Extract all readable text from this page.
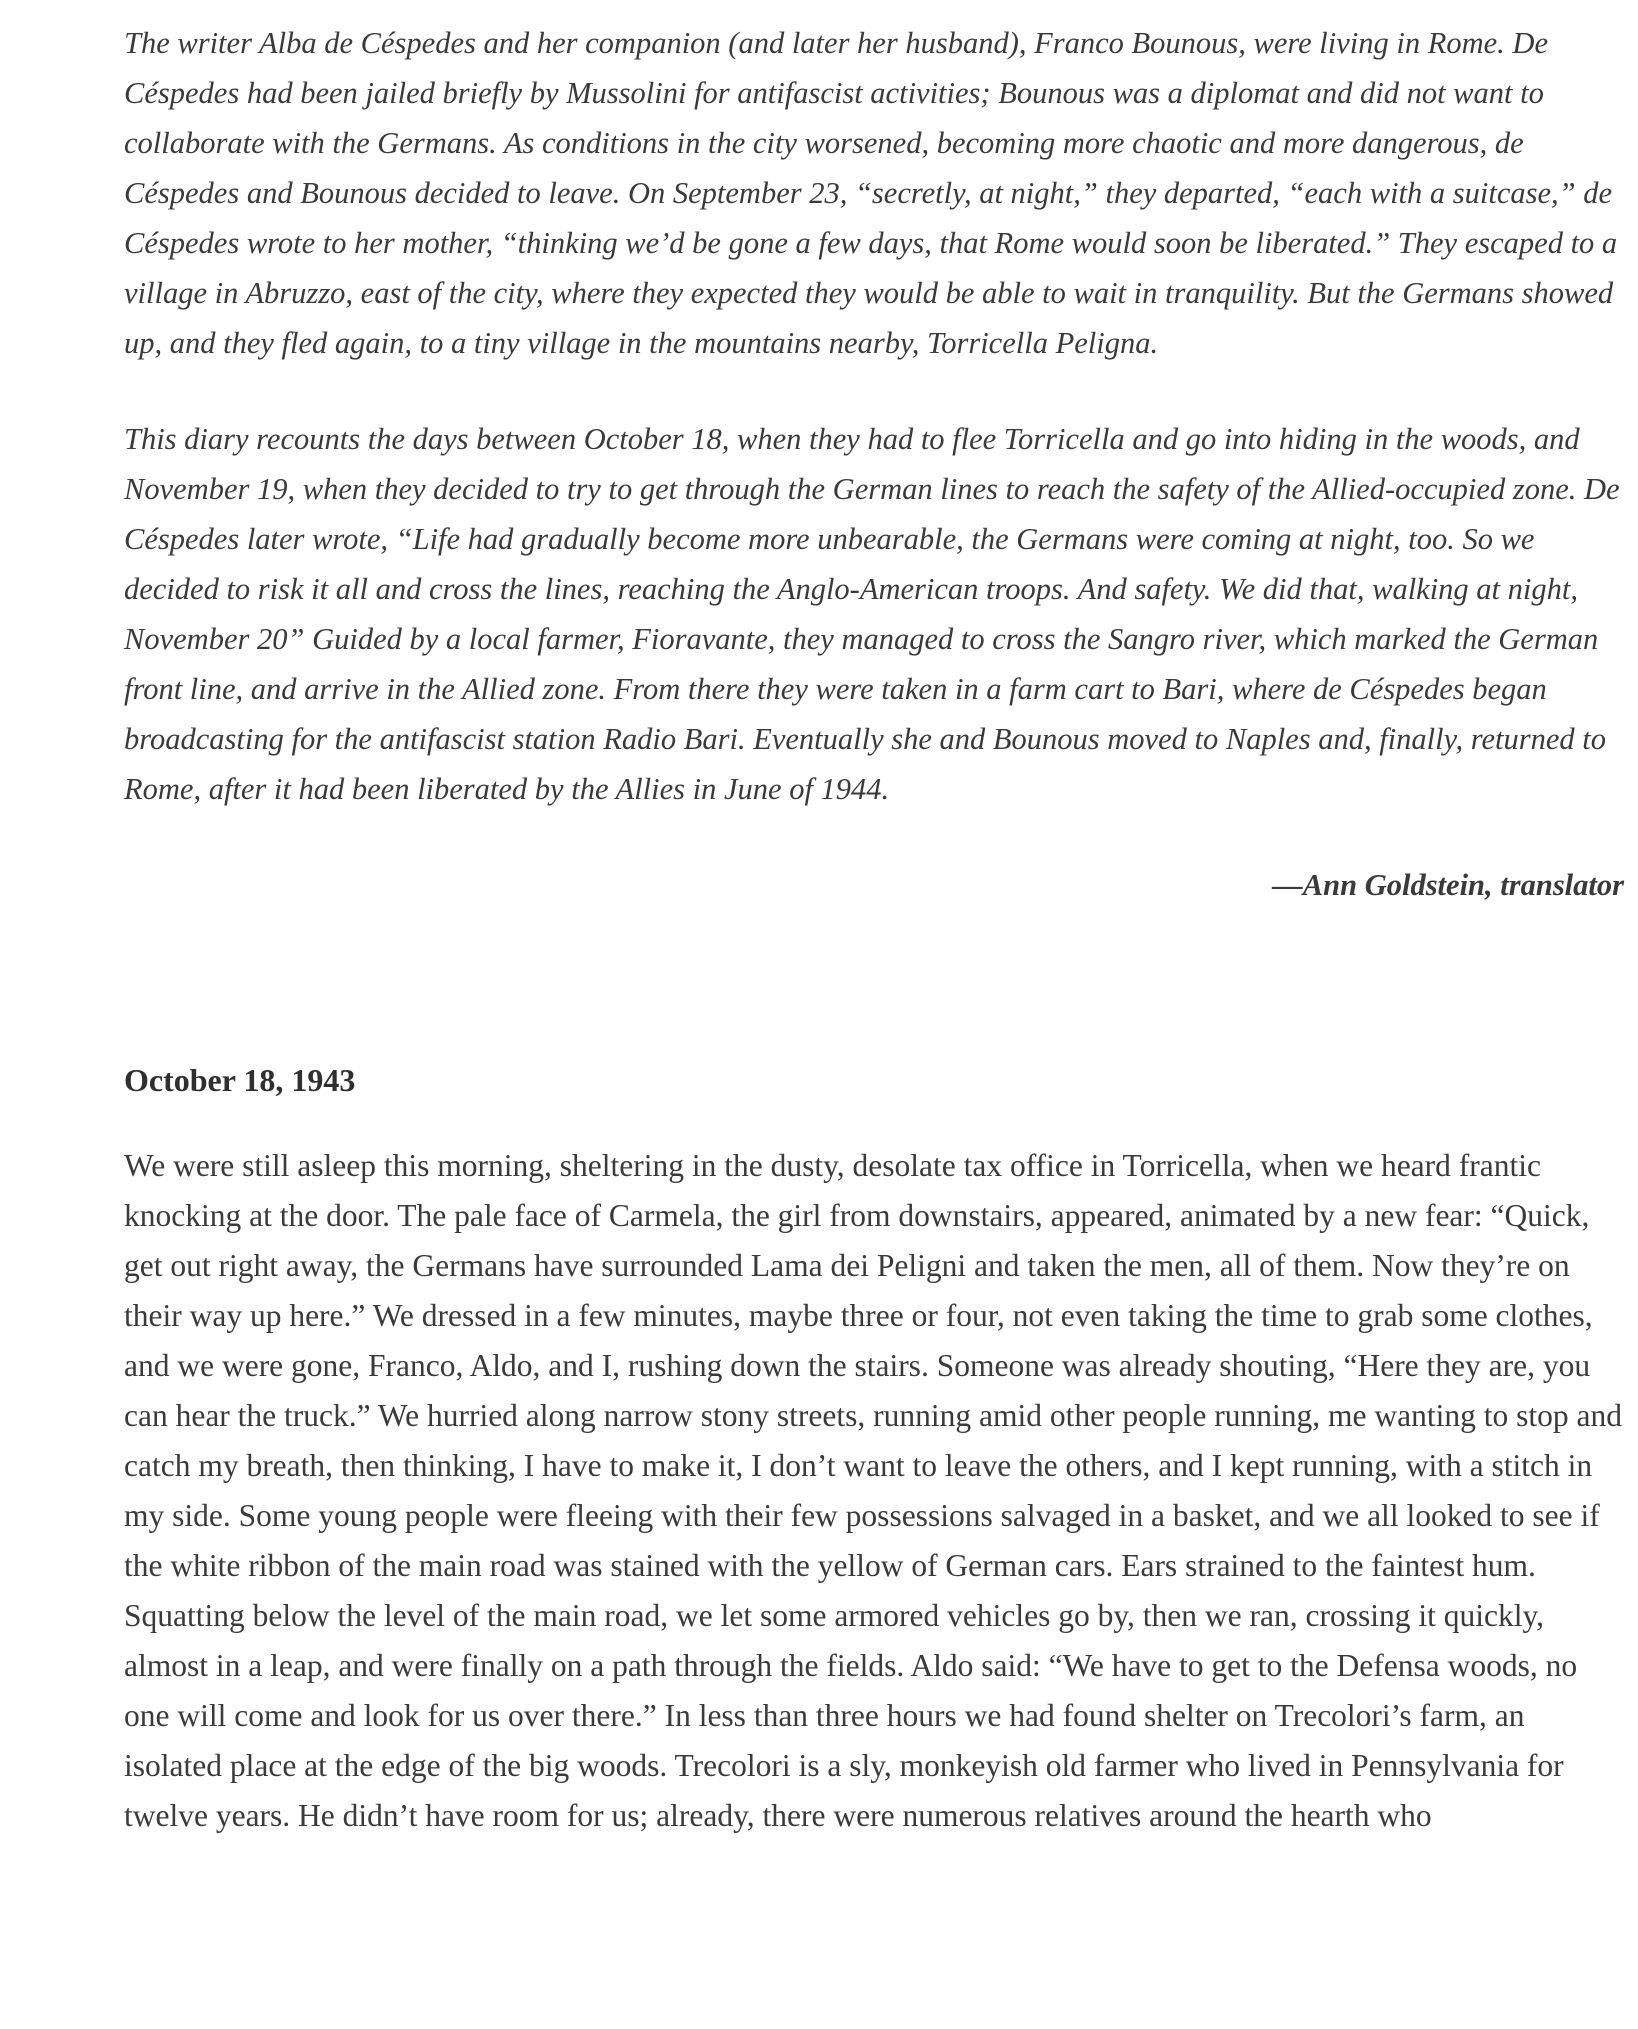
The writer Alba de Céspedes and her companion (and later her husband), Franco Bounous, were living in Rome. De Céspedes had been jailed briefly by Mussolini for antifascist activities; Bounous was a diplomat and did not want to collaborate with the Germans. As conditions in the city worsened, becoming more chaotic and more dangerous, de Céspedes and Bounous decided to leave. On September 23, “secretly, at night,” they departed, “each with a suitcase,” de Céspedes wrote to her mother, “thinking we’d be gone a few days, that Rome would soon be liberated.” They escaped to a village in Abruzzo, east of the city, where they expected they would be able to wait in tranquility. But the Germans showed up, and they fled again, to a tiny village in the mountains nearby, Torricella Peligna.

This diary recounts the days between October 18, when they had to flee Torricella and go into hiding in the woods, and November 19, when they decided to try to get through the German lines to reach the safety of the Allied-occupied zone. De Céspedes later wrote, “Life had gradually become more unbearable, the Germans were coming at night, too. So we decided to risk it all and cross the lines, reaching the Anglo-American troops. And safety. We did that, walking at night, November 20” Guided by a local farmer, Fioravante, they managed to cross the Sangro river, which marked the German front line, and arrive in the Allied zone. From there they were taken in a farm cart to Bari, where de Céspedes began broadcasting for the antifascist station Radio Bari. Eventually she and Bounous moved to Naples and, finally, returned to Rome, after it had been liberated by the Allies in June of 1944.

—Ann Goldstein, translator

October 18, 1943

We were still asleep this morning, sheltering in the dusty, desolate tax office in Torricella, when we heard frantic knocking at the door. The pale face of Carmela, the girl from downstairs, appeared, animated by a new fear: “Quick, get out right away, the Germans have surrounded Lama dei Peligni and taken the men, all of them. Now they’re on their way up here.” We dressed in a few minutes, maybe three or four, not even taking the time to grab some clothes, and we were gone, Franco, Aldo, and I, rushing down the stairs. Someone was already shouting, “Here they are, you can hear the truck.” We hurried along narrow stony streets, running amid other people running, me wanting to stop and catch my breath, then thinking, I have to make it, I don’t want to leave the others, and I kept running, with a stitch in my side. Some young people were fleeing with their few possessions salvaged in a basket, and we all looked to see if the white ribbon of the main road was stained with the yellow of German cars. Ears strained to the faintest hum. Squatting below the level of the main road, we let some armored vehicles go by, then we ran, crossing it quickly, almost in a leap, and were finally on a path through the fields. Aldo said: “We have to get to the Defensa woods, no one will come and look for us over there.” In less than three hours we had found shelter on Trecolori’s farm, an isolated place at the edge of the big woods. Trecolori is a sly, monkeyish old farmer who lived in Pennsylvania for twelve years. He didn’t have room for us; already, there were numerous relatives around the hearth who
